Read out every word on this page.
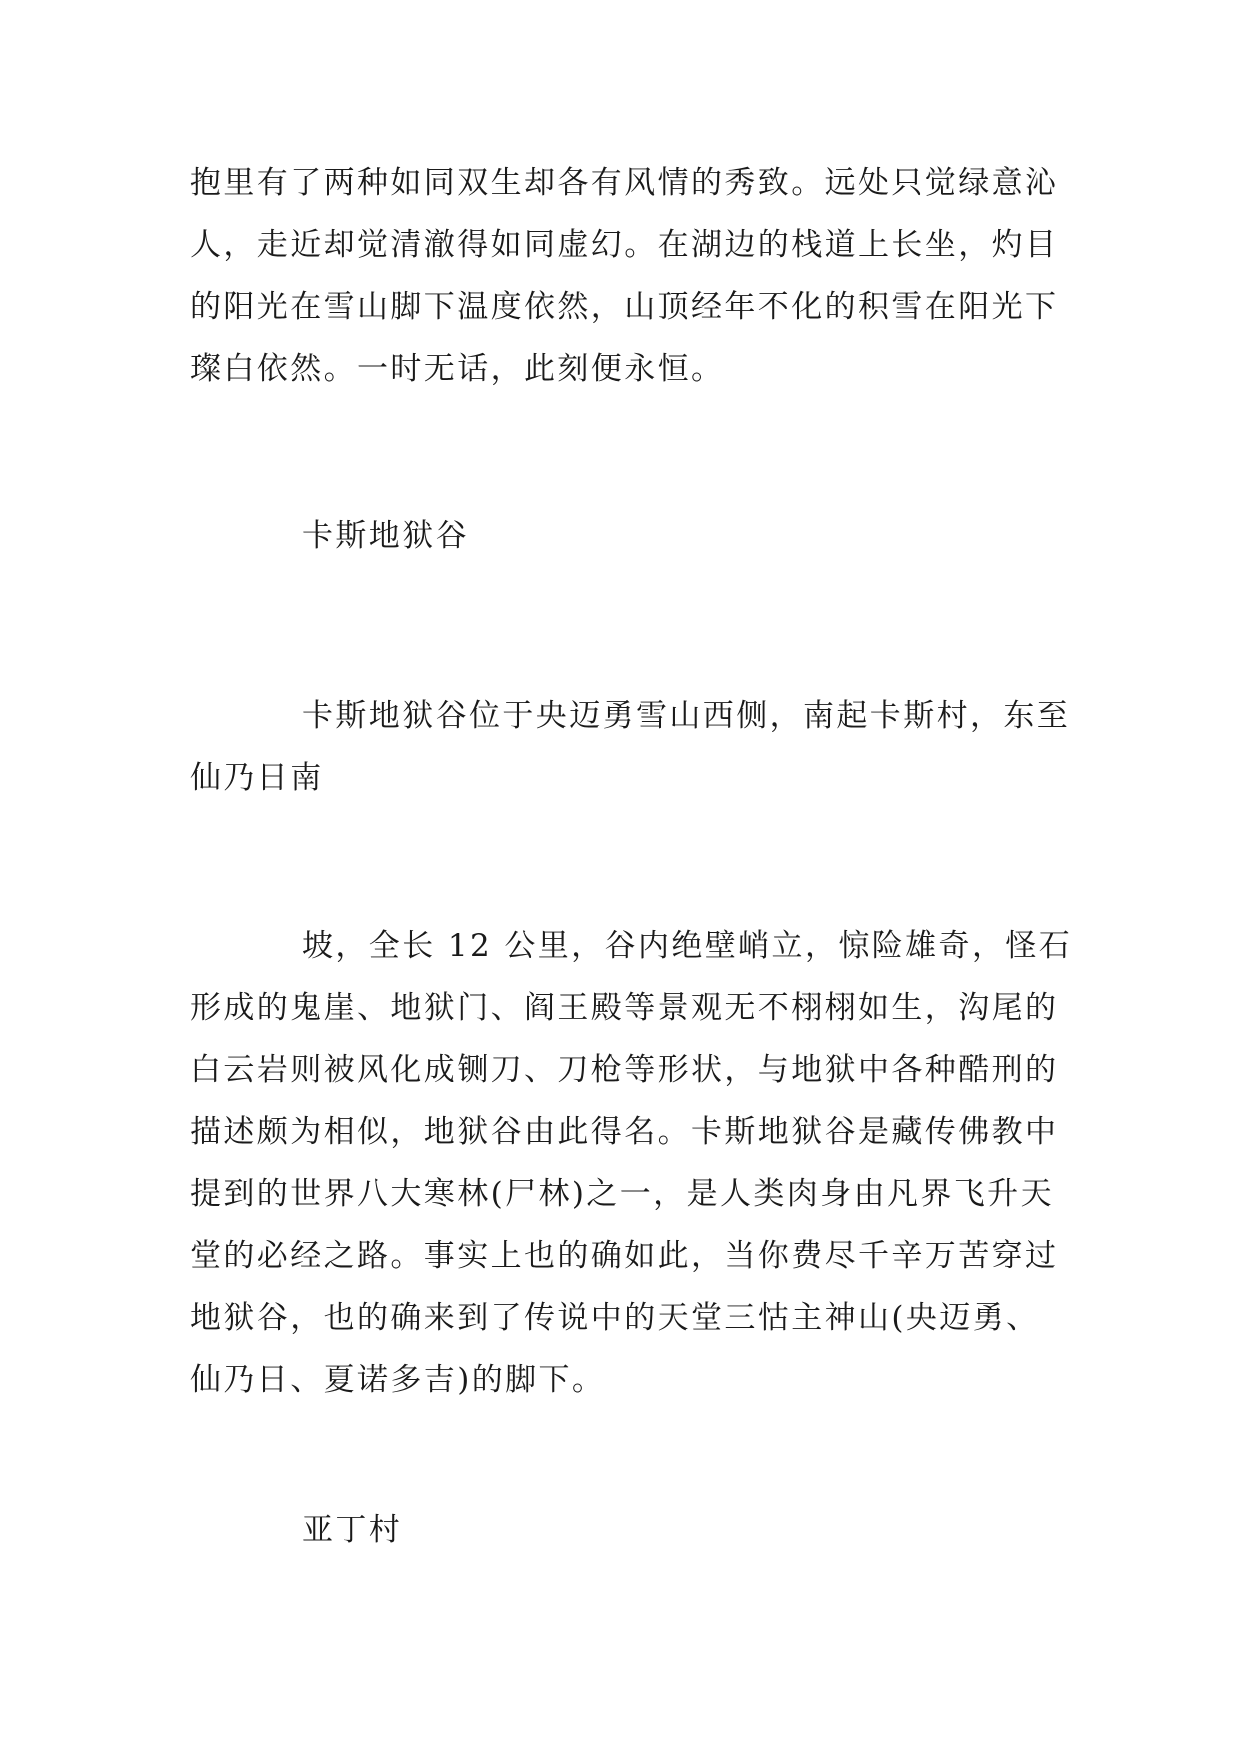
抱里有了两种如同双生却各有风情的秀致。远处只觉绿意沁
人，走近却觉清澈得如同虚幻。在湖边的栈道上长坐，灼目
的阳光在雪山脚下温度依然，山顶经年不化的积雪在阳光下
璨白依然。一时无话，此刻便永恒。

卡斯地狱谷

卡斯地狱谷位于央迈勇雪山西侧，南起卡斯村，东至
仙乃日南

坡，全长 12 公里，谷内绝壁峭立，惊险雄奇，怪石
形成的鬼崖、地狱门、阎王殿等景观无不栩栩如生，沟尾的
白云岩则被风化成铡刀、刀枪等形状，与地狱中各种酷刑的
描述颇为相似，地狱谷由此得名。卡斯地狱谷是藏传佛教中
提到的世界八大寒林(尸林)之一，是人类肉身由凡界飞升天
堂的必经之路。事实上也的确如此，当你费尽千辛万苦穿过
地狱谷，也的确来到了传说中的天堂三怙主神山(央迈勇、
仙乃日、夏诺多吉)的脚下。

亚丁村
